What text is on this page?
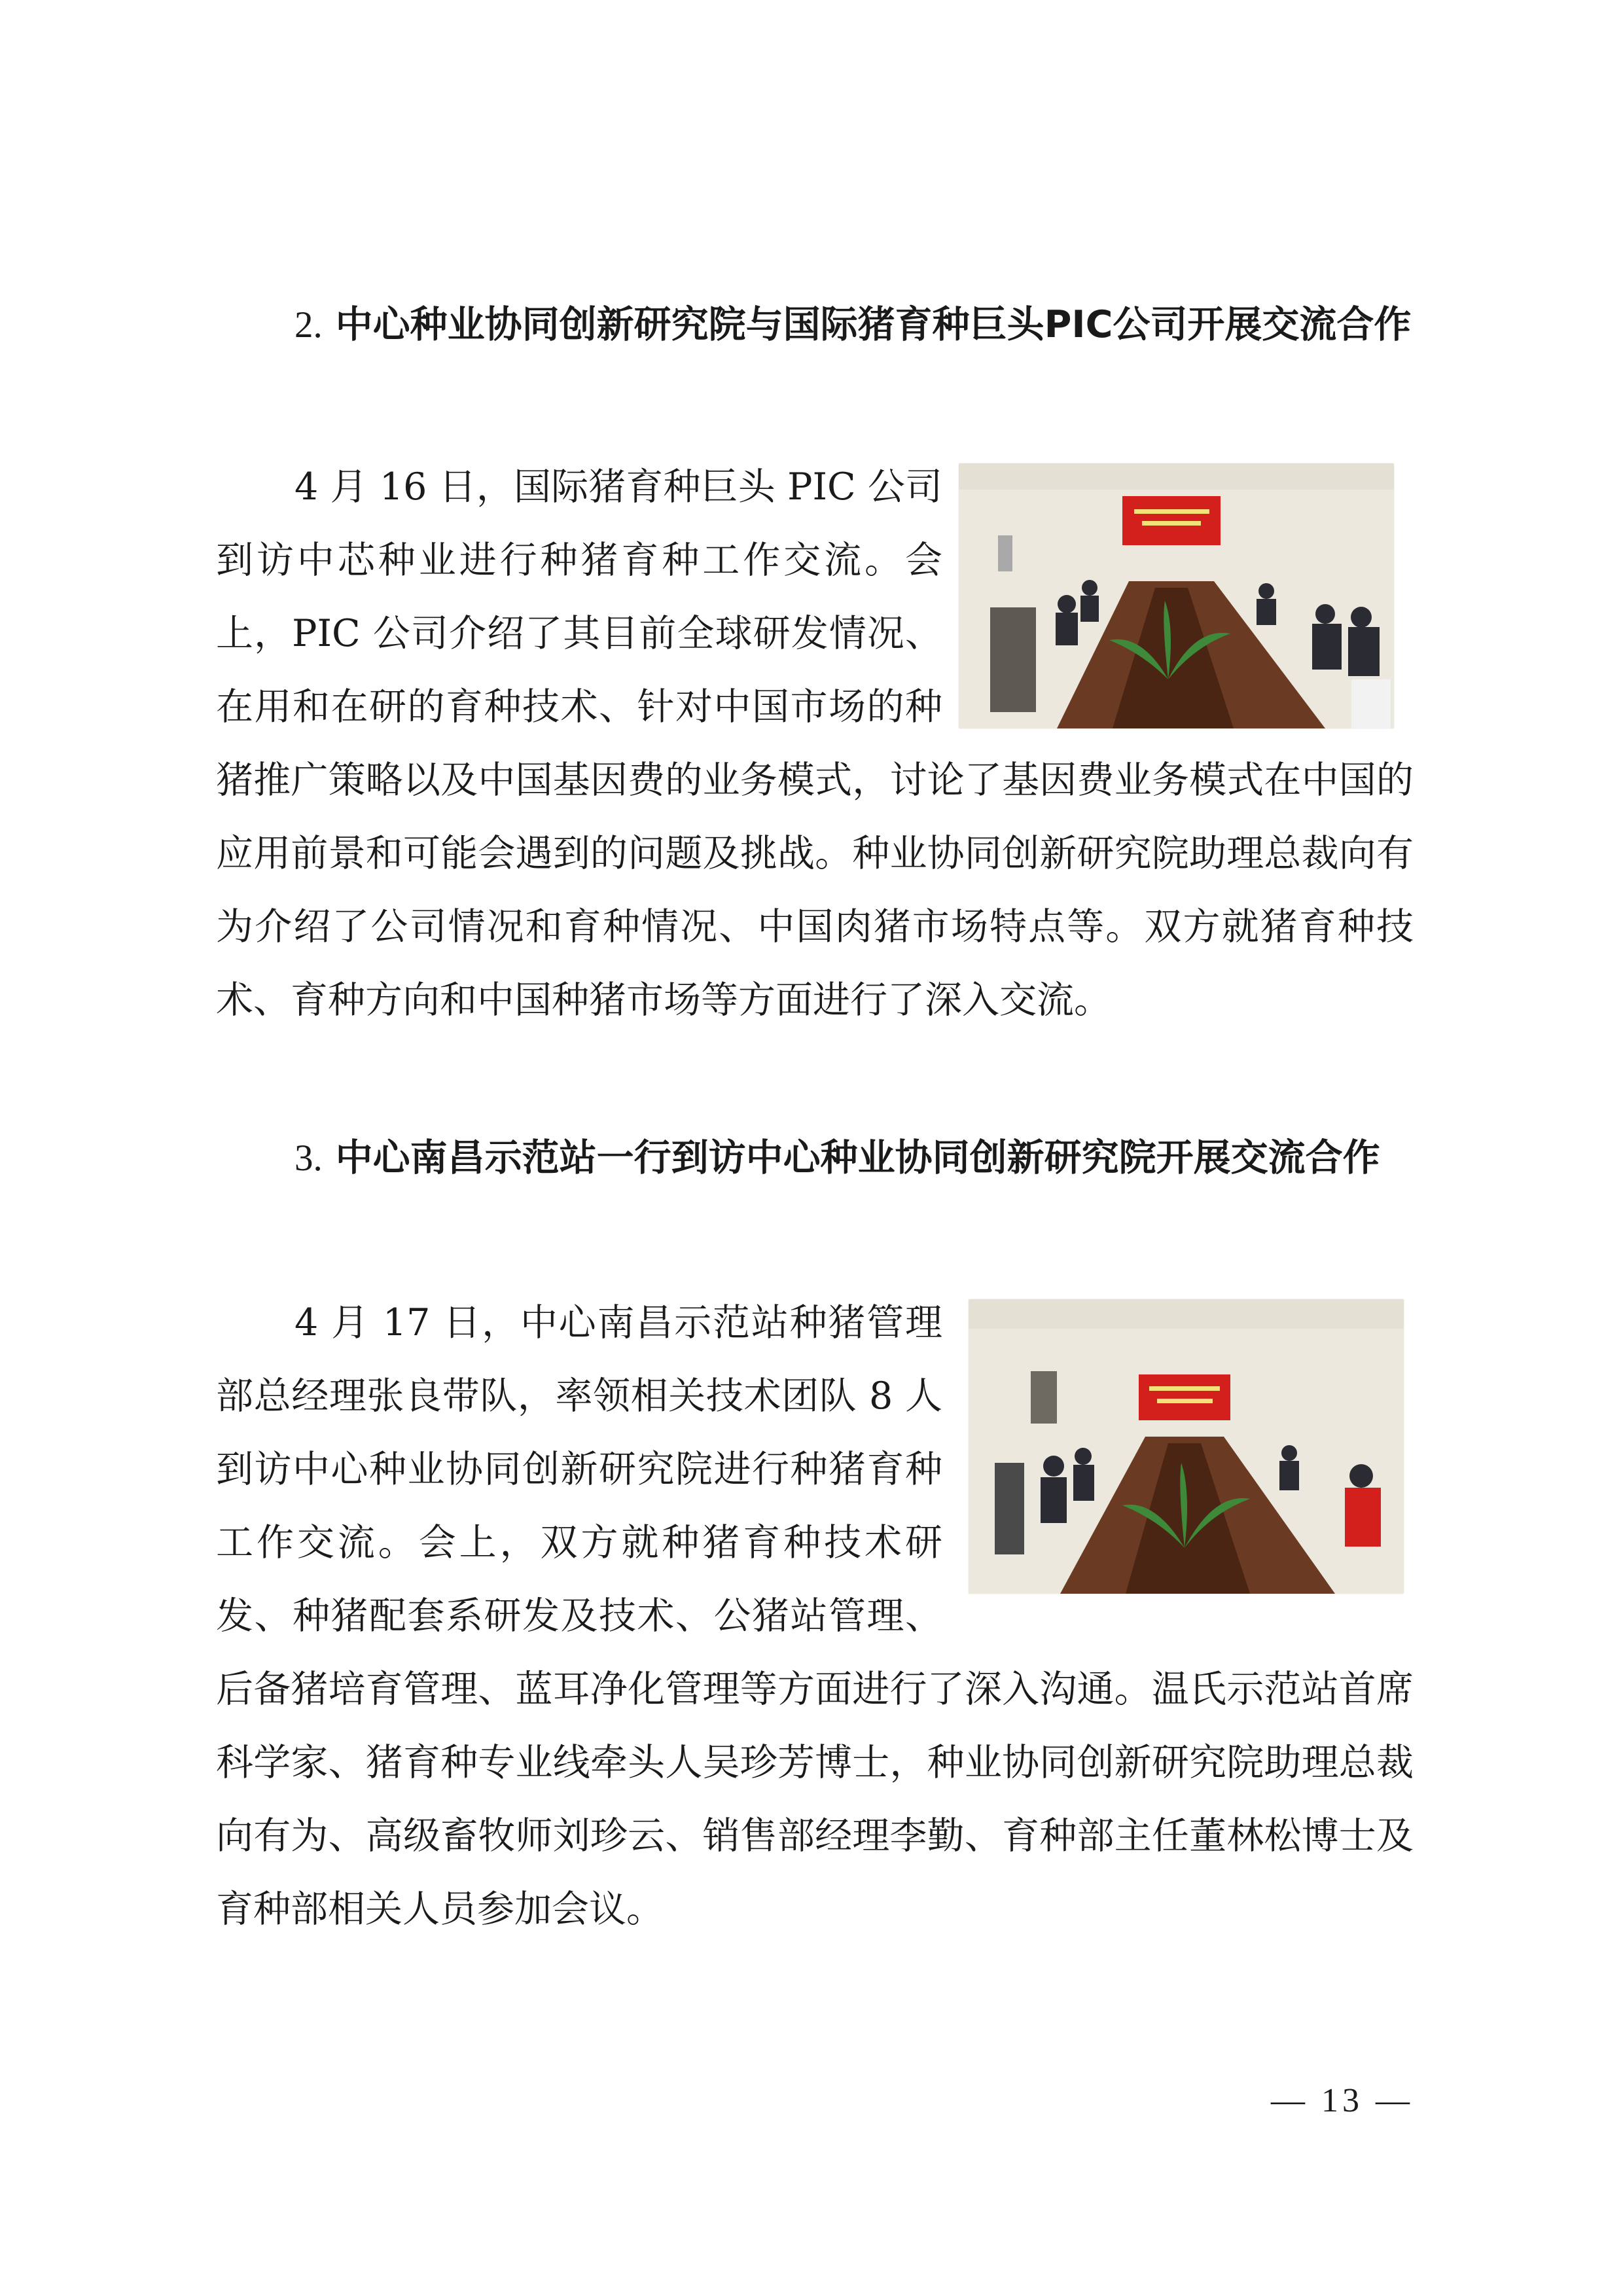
2. 中心种业协同创新研究院与国际猪育种巨头PIC公司开展交流合作

4 月 16 日，国际猪育种巨头 PIC 公司到访中芯种业进行种猪育种工作交流。会上，PIC 公司介绍了其目前全球研发情况、在用和在研的育种技术、针对中国市场的种猪推广策略以及中国基因费的业务模式，讨论了基因费业务模式在中国的应用前景和可能会遇到的问题及挑战。种业协同创新研究院助理总裁向有为介绍了公司情况和育种情况、中国肉猪市场特点等。双方就猪育种技术、育种方向和中国种猪市场等方面进行了深入交流。

3. 中心南昌示范站一行到访中心种业协同创新研究院开展交流合作

4 月 17 日，中心南昌示范站种猪管理部总经理张良带队，率领相关技术团队 8 人到访中心种业协同创新研究院进行种猪育种工作交流。会上，双方就种猪育种技术研发、种猪配套系研发及技术、公猪站管理、后备猪培育管理、蓝耳净化管理等方面进行了深入沟通。温氏示范站首席科学家、猪育种专业线牵头人吴珍芳博士，种业协同创新研究院助理总裁向有为、高级畜牧师刘珍云、销售部经理李勤、育种部主任董林松博士及育种部相关人员参加会议。

— 13 —
